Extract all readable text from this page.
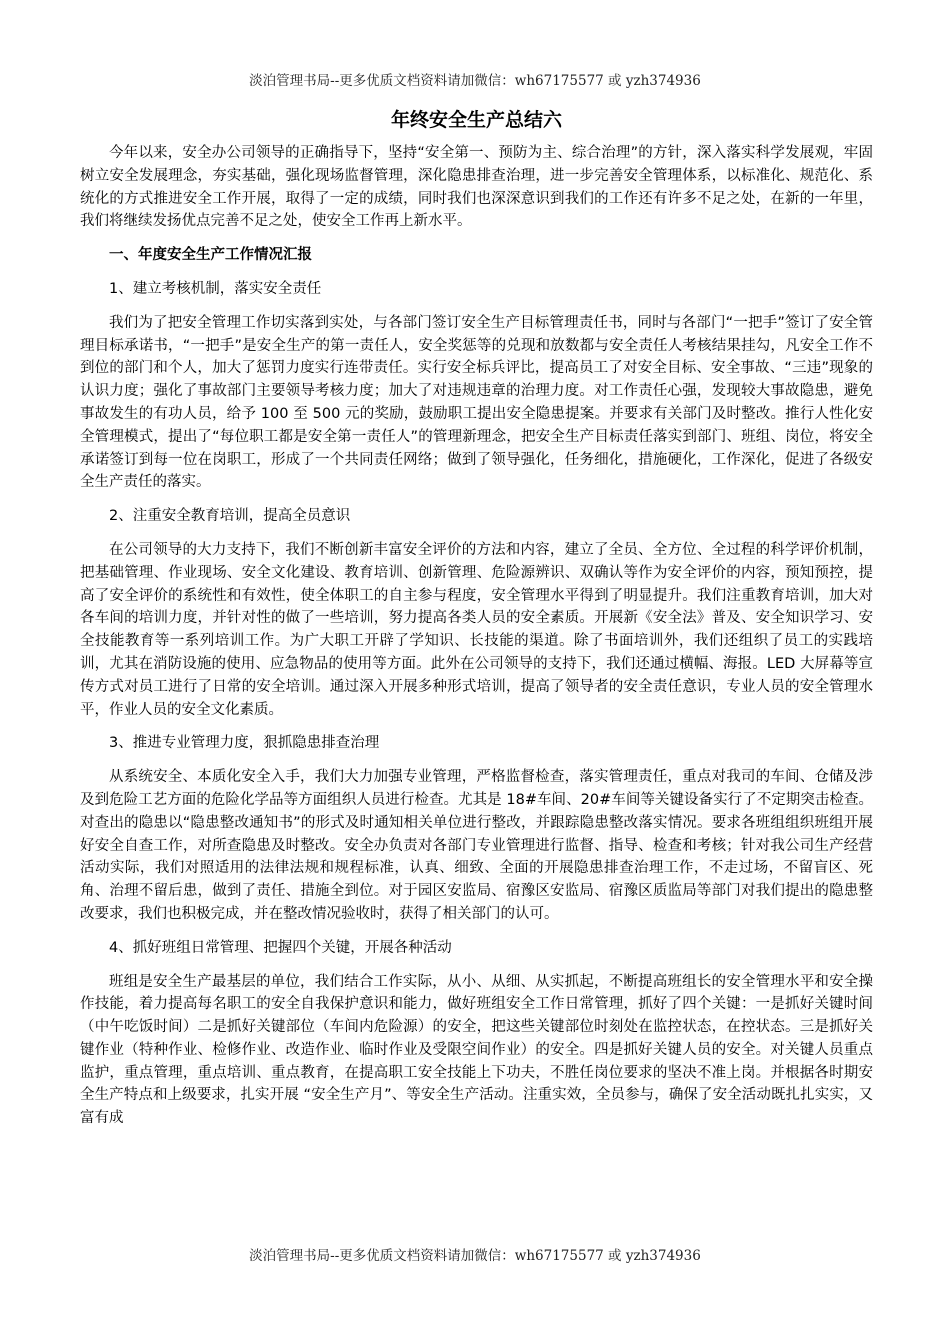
淡泊管理书局--更多优质文档资料请加微信：wh67175577 或 yzh374936
年终安全生产总结六

今年以来，安全办公司领导的正确指导下，坚持“安全第一、预防为主、综合治理”的方针，深入落实科学发展观，牢固树立安全发展理念，夯实基础，强化现场监督管理，深化隐患排查治理，进一步完善安全管理体系，以标准化、规范化、系统化的方式推进安全工作开展，取得了一定的成绩，同时我们也深深意识到我们的工作还有许多不足之处，在新的一年里，我们将继续发扬优点完善不足之处，使安全工作再上新水平。

一、年度安全生产工作情况汇报
1、建立考核机制，落实安全责任

我们为了把安全管理工作切实落到实处，与各部门签订安全生产目标管理责任书，同时与各部门“一把手”签订了安全管理目标承诺书，“一把手”是安全生产的第一责任人，安全奖惩等的兑现和放数都与安全责任人考核结果挂勾，凡安全工作不到位的部门和个人，加大了惩罚力度实行连带责任。实行安全标兵评比，提高员工了对安全目标、安全事故、“三违”现象的认识力度；强化了事故部门主要领导考核力度；加大了对违规违章的治理力度。对工作责任心强，发现较大事故隐患，避免事故发生的有功人员，给予 100 至 500 元的奖励，鼓励职工提出安全隐患提案。并要求有关部门及时整改。推行人性化安全管理模式，提出了“每位职工都是安全第一责任人”的管理新理念，把安全生产目标责任落实到部门、班组、岗位，将安全承诺签订到每一位在岗职工，形成了一个共同责任网络；做到了领导强化，任务细化，措施硬化，工作深化，促进了各级安全生产责任的落实。

2、注重安全教育培训，提高全员意识

在公司领导的大力支持下，我们不断创新丰富安全评价的方法和内容，建立了全员、全方位、全过程的科学评价机制，把基础管理、作业现场、安全文化建设、教育培训、创新管理、危险源辨识、双确认等作为安全评价的内容，预知预控，提高了安全评价的系统性和有效性，使全体职工的自主参与程度，安全管理水平得到了明显提升。我们注重教育培训，加大对各车间的培训力度，并针对性的做了一些培训，努力提高各类人员的安全素质。开展新《安全法》普及、安全知识学习、安全技能教育等一系列培训工作。为广大职工开辟了学知识、长技能的渠道。除了书面培训外，我们还组织了员工的实践培训，尤其在消防设施的使用、应急物品的使用等方面。此外在公司领导的支持下，我们还通过横幅、海报。LED 大屏幕等宣传方式对员工进行了日常的安全培训。通过深入开展多种形式培训，提高了领导者的安全责任意识，专业人员的安全管理水平，作业人员的安全文化素质。

3、推进专业管理力度，狠抓隐患排查治理

从系统安全、本质化安全入手，我们大力加强专业管理，严格监督检查，落实管理责任，重点对我司的车间、仓储及涉及到危险工艺方面的危险化学品等方面组织人员进行检查。尤其是 18#车间、20#车间等关键设备实行了不定期突击检查。对查出的隐患以“隐患整改通知书”的形式及时通知相关单位进行整改，并跟踪隐患整改落实情况。要求各班组组织班组开展好安全自查工作，对所查隐患及时整改。安全办负责对各部门专业管理进行监督、指导、检查和考核；针对我公司生产经营活动实际，我们对照适用的法律法规和规程标准，认真、细致、全面的开展隐患排查治理工作，不走过场，不留盲区、死角、治理不留后患，做到了责任、措施全到位。对于园区安监局、宿豫区安监局、宿豫区质监局等部门对我们提出的隐患整改要求，我们也积极完成，并在整改情况验收时，获得了相关部门的认可。

4、抓好班组日常管理、把握四个关键，开展各种活动

班组是安全生产最基层的单位，我们结合工作实际，从小、从细、从实抓起，不断提高班组长的安全管理水平和安全操作技能，着力提高每名职工的安全自我保护意识和能力，做好班组安全工作日常管理，抓好了四个关键：一是抓好关键时间（中午吃饭时间）二是抓好关键部位（车间内危险源）的安全，把这些关键部位时刻处在监控状态，在控状态。三是抓好关键作业（特种作业、检修作业、改造作业、临时作业及受限空间作业）的安全。四是抓好关键人员的安全。对关键人员重点监护，重点管理，重点培训、重点教育，在提高职工安全技能上下功夫，不胜任岗位要求的坚决不准上岗。并根据各时期安全生产特点和上级要求，扎实开展 “安全生产月”、等安全生产活动。注重实效，全员参与，确保了安全活动既扎扎实实，又富有成

淡泊管理书局--更多优质文档资料请加微信：wh67175577 或 yzh374936
